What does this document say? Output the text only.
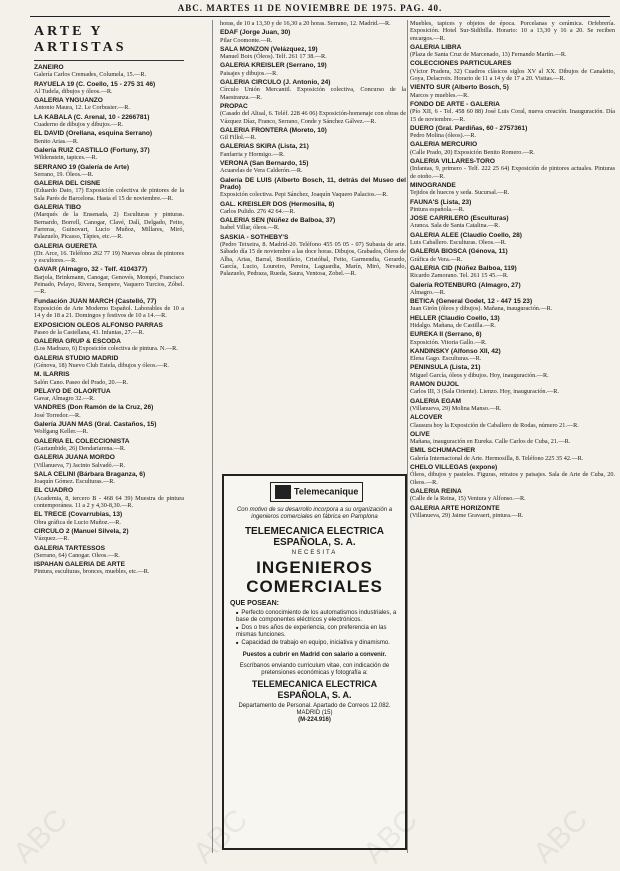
ABC. MARTES 11 DE NOVIEMBRE DE 1975. PAG. 40.
ARTE Y ARTISTAS
ZANEIRO
Galería Carlos Cremades, Columela, 15.—R.
RAYUELA 19 (C. Coello, 15 - 275 31 46)
Al Tudela, dibujos y óleos.—R.
GALERIA YNGUANZO
Antonio Maura, 12. Le Corbusier.—R.
LA KABALA (C. Arenal, 10 - 2266781)
Cuaderno de dibujos y dibujos.—R.
EL DAVID (Orellana, esquina Serrano)
Benito Arias.—R.
Galería RUIZ CASTILLO (Fortuny, 37)
Wildenstein, tapices.—R.
SERRANO 19 (Galería de Arte)
Serrano, 19. Óleos.—R.
GALERIA DEL CISNE
(Eduardo Dato, 17) Exposición colectiva de pintores de la Sala Parés de Barcelona. Hasta el 15 de noviembre.—R.
GALERIA TIBO
(Marqués de la Ensenada, 2) Esculturas y pinturas. Bernardo, Borrell, Canogar, Clavé, Dalí, Delgado, Feito, Farreras, Guinovart, Lucio Muñoz, Millares, Miró, Palazuelo, Picasso, Tàpies, etc.—R.
GALERIA GUERETA
(Dr. Arce, 16. Teléfono 262 77 19) Nuevas obras de pintores y escultores.—R.
GAVAR (Almagro, 32 - Telf. 4104377)
Barjola, Brinkmann, Canogar, Genovés, Mompó, Francisco Peinado, Pelayo, Rivera, Sempere, Vaquero Turcios, Zóbel.—R.
Fundación JUAN MARCH (Castelló, 77)
Exposición de Arte Moderno Español. Laborables de 10 a 14 y de 18 a 21. Domingos y festivos de 10 a 14.—R.
EXPOSICION OLEOS ALFONSO PARRAS
Paseo de la Castellana, 43. Infantas, 27.—R.
GALERIA GRUP & ESCODA
(Los Madrazo, 6) Exposición colectiva de pintura. N.—R.
GALERIA STUDIO MADRID
(Génova, 18) Nuevo Club Estela, dibujos y óleos.—R.
M. ILARRIS
Salón Cano. Paseo del Prado, 20.—R.
PELAYO DE OLAORTUA
Gavar, Almagro 32.—R.
VANDRES (Don Ramón de la Cruz, 26)
José Torredor.—R.
Galería JUAN MAS (Gral. Castaños, 15)
Wolfgang Keller.—R.
GALERIA EL COLECCIONISTA
(Gaztambide, 26) Dendariarena.—R.
GALERIA JUANA MORDO
(Villanueva, 7) Jacinto Salvadó.—R.
SALA CELINI (Bárbara Braganza, 6)
Joaquín Gómez. Esculturas.—R.
EL CUADRO
(Academia, 8, tercero B - 468 64 39) Muestra de pintura contemporánea. 11 a 2 y 4,30-8,30.—R.
EL TRECE (Covarrubias, 13)
Obra gráfica de Lucio Muñoz.—R.
CIRCULO 2 (Manuel Silvela, 2)
Vázquez.—R.
GALERIA TARTESSOS
(Serrano, 64) Canogar. Oleos.—R.
ISPAHAN GALERIA DE ARTE
Pintura, esculturas, bronces, muebles, etc.—R.
horas, de 10 a 13,30 y de 16,30 a 20 horas. Serrano, 12. Madrid.—R.
EDAF (Jorge Juan, 30)
Pilar Coomonte.—R.
SALA MONZON (Velázquez, 19)
Manuel Boix (Óleos). Telf. 261 17 38.—R.
GALERIA KREISLER (Serrano, 19)
Paisajes y dibujos.—R.
GALERIA CIRCULO (J. Antonio, 24)
Círculo Unión Mercantil. Exposición colectiva, Concurso de la Maestranza.—R.
PROPAC
(Casado del Alisal, 6. Teléf. 228 46 06) Exposición-homenaje con obras de Vázquez Díaz, Franco, Serrano, Conde y Sánchez Gálvez.—R.
GALERIA FRONTERA (Moreto, 10)
Gil Fillol.—R.
GALERIAS SKIRA (Lista, 21)
Fanfarria y Hormigo.—R.
VERONA (San Bernardo, 15)
Acuarelas de Vera Calderón.—R.
Galería DE LUIS (Alberto Bosch, 11, detrás del Museo del Prado)
Exposición colectiva. Pepi Sánchez, Joaquín Vaquero Palacios.—R.
GAL. KREISLER DOS (Hermosilla, 8)
Carlos Pulido. 276 42 64.—R.
GALERIA SEN (Núñez de Balboa, 37)
Isabel Villar, óleos.—R.
SASKIA - SOTHEBY'S
(Pedro Teixeira, 8. Madrid-20. Teléfono 455 05 05 - 07) Subasta de arte. Sábado día 15 de noviembre a las doce horas. Dibujos, Grabados, Óleos de Alba, Arias, Barral, Bonifácio, Cristóbal, Feito, Garmendia, Gerardo, García, Lucio, Loureiro, Pereira, Laguardia, Marín, Miró, Nevado, Palazuelo, Pedraza, Rueda, Saura, Ventosa, Zobel.—R.
Muebles, tapices y objetos de época. Porcelanas y cerámica. Orfebrería. Exposición. Hotel Sur-Sidibilla. Horario: 10 a 13,30 y 16 a 20. Se reciben encargos.—R.
GALERIA LIBRA
(Plaza de Santa Cruz de Marcenado, 13) Fernando Martín.—R.
COLECCIONES PARTICULARES
(Víctor Pradera, 32) Cuadros clásicos siglos XV al XX. Dibujos de Canaletto, Goya, Delacroix. Horario de 11 a 14 y de 17 a 20. Visitas.—R.
VIENTO SUR (Alberto Bosch, 5)
Marcos y muebles.—R.
FONDO DE ARTE - GALERIA
(Pío XII, 6 - Tel. 458 60 88) José Luis Coral, nueva creación. Inauguración. Día 15 de noviembre.—R.
DUERO (Gral. Pardiñas, 60 - 2757361)
Pedro Molina (óleos).—R.
GALERIA MERCURIO
(Calle Prado, 20) Exposición Benito Romero.—R.
GALERIA VILLARES-TORO
(Infantas, 9, primero - Telf. 222 25 64) Exposición de pintores actuales. Pinturas de otoño.—R.
MINOGRANDE
Tejidos de huecos y seda. Sucursal.—R.
FAUNA'S (Lista, 23)
Pintura española.—R.
JOSE CARRILERO (Esculturas)
Aranca. Sala de Santa Catalina.—R.
GALERIA ALEE (Claudio Coello, 28)
Luis Caballero. Esculturas. Oleos.—R.
GALERIA BIOSCA (Génova, 11)
Gráfica de Vera.—R.
GALERIA CID (Núñez Balboa, 119)
Ricardo Zamorano. Tel. 261 15 45.—R.
Galería ROTENBURG (Almagro, 27)
Almagro.—R.
BETICA (General Godet, 12 - 447 15 23)
Juan Girón (óleos y dibujos). Mañana, inauguración.—R.
HELLER (Claudio Coello, 13)
Hidalgo. Mañana, de Castilla.—R.
EUREKA II (Serrano, 6)
Exposición. Vitoria Gallo.—R.
KANDINSKY (Alfonso XII, 42)
Elena Gago. Esculturas.—R.
PENINSULA (Lista, 21)
Miguel García, óleos y dibujos. Hoy, inauguración.—R.
RAMON DUJOL
Carlos III, 3 (Sala Oriente). Lienzo. Hoy, inauguración.—R.
GALERIA EGAM
(Villanueva, 29) Molina Manso.—R.
ALCOVER
Clausura hoy la Exposición de Caballero de Rodas, número 21.—R.
OLIVE
Mañana, inauguración en Eureka. Calle Carlos de Cuba, 21.—R.
EMIL SCHUMACHER
Galería Internacional de Arte. Hermosilla, 8. Teléfono 225 35 42.—R.
CHELO VILLEGAS (expone)
Óleos, dibujos y pasteles. Figuras, retratos y paisajes. Sala de Arte de Cuba, 20. Oleos.—R.
GALERIA REINA
(Calle de la Reina, 15) Ventura y Alfonso.—R.
GALERIA ARTE HORIZONTE
(Villanueva, 29) Jaime Gravaert, pintura.—R.
Telemecanique
Con motivo de su desarrollo incorpora a su organización a ingenieros comerciales en fábrica en Pamplona
TELEMECANICA ELECTRICA ESPAÑOLA, S. A.
NECESITA
INGENIEROS COMERCIALES
QUE POSEAN:
■ Perfecto conocimiento de los automatismos industriales, a base de componentes eléctricos y electrónicos.
■ Dos o tres años de experiencia, con preferencia en las mismas funciones.
■ Capacidad de trabajo en equipo, iniciativa y dinamismo.
Puestos a cubrir en Madrid con salario a convenir.
Escríbanos enviando curriculum vitae, con indicación de pretensiones económicas y fotografía a:
TELEMECANICA ELECTRICA ESPAÑOLA, S. A.
Departamento de Personal. Apartado de Correos 12.082. MADRID (15)
(M-224.916)
ABC	ABC	ABC	ABC
